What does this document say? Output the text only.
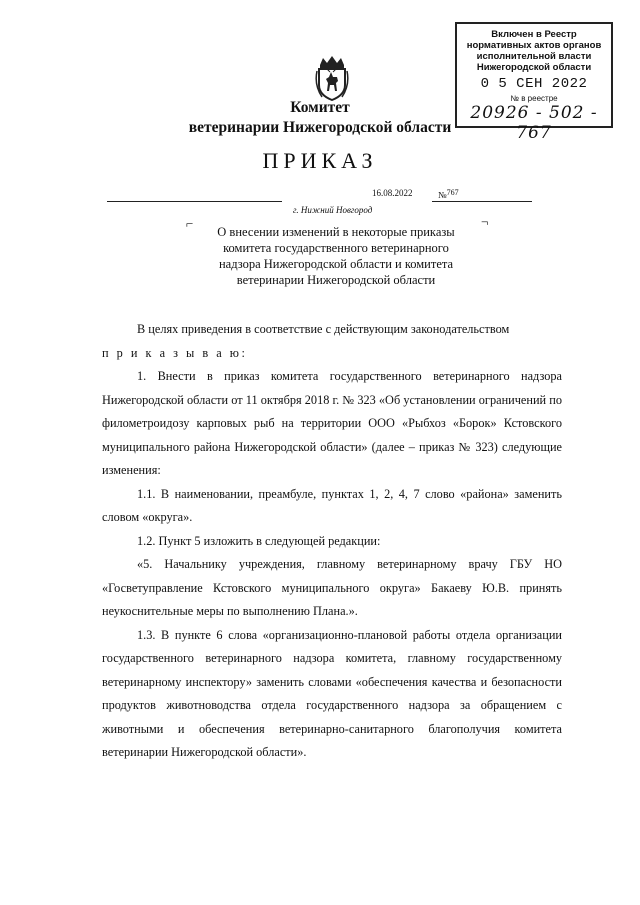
Включен в Реестр
нормативных актов органов
исполнительной власти
Нижегородской области
0 5 СЕН 2022
№ в реестре
20926 - 502 - 767
Комитет
ветеринарии Нижегородской области
ПРИКАЗ
16.08.2022	№$^{767}$
г. Нижний Новгород
⌐	¬
О внесении изменений в некоторые приказы
комитета государственного ветеринарного
надзора Нижегородской области и комитета
ветеринарии Нижегородской области

В целях приведения в соответствие с действующим законодательством

п р и к а з ы в а ю:

1. Внести в приказ комитета государственного ветеринарного надзора Нижегородской области от 11 октября 2018 г. № 323 «Об установлении ограничений по филометроидозу карповых рыб на территории ООО «Рыбхоз «Борок» Кстовского муниципального района Нижегородской области» (далее – приказ № 323) следующие изменения:

1.1. В наименовании, преамбуле, пунктах 1, 2, 4, 7 слово «района» заменить словом «округа».

1.2. Пункт 5 изложить в следующей редакции:

«5. Начальнику учреждения, главному ветеринарному врачу ГБУ НО «Госветуправление Кстовского муниципального округа» Бакаеву Ю.В. принять неукоснительные меры по выполнению Плана.».

1.3. В пункте 6 слова «организационно-плановой работы отдела организации государственного ветеринарного надзора комитета, главному государственному ветеринарному инспектору» заменить словами «обеспечения качества и безопасности продуктов животноводства отдела государственного надзора за обращением с животными и обеспечения ветеринарно-санитарного благополучия комитета ветеринарии Нижегородской области».
